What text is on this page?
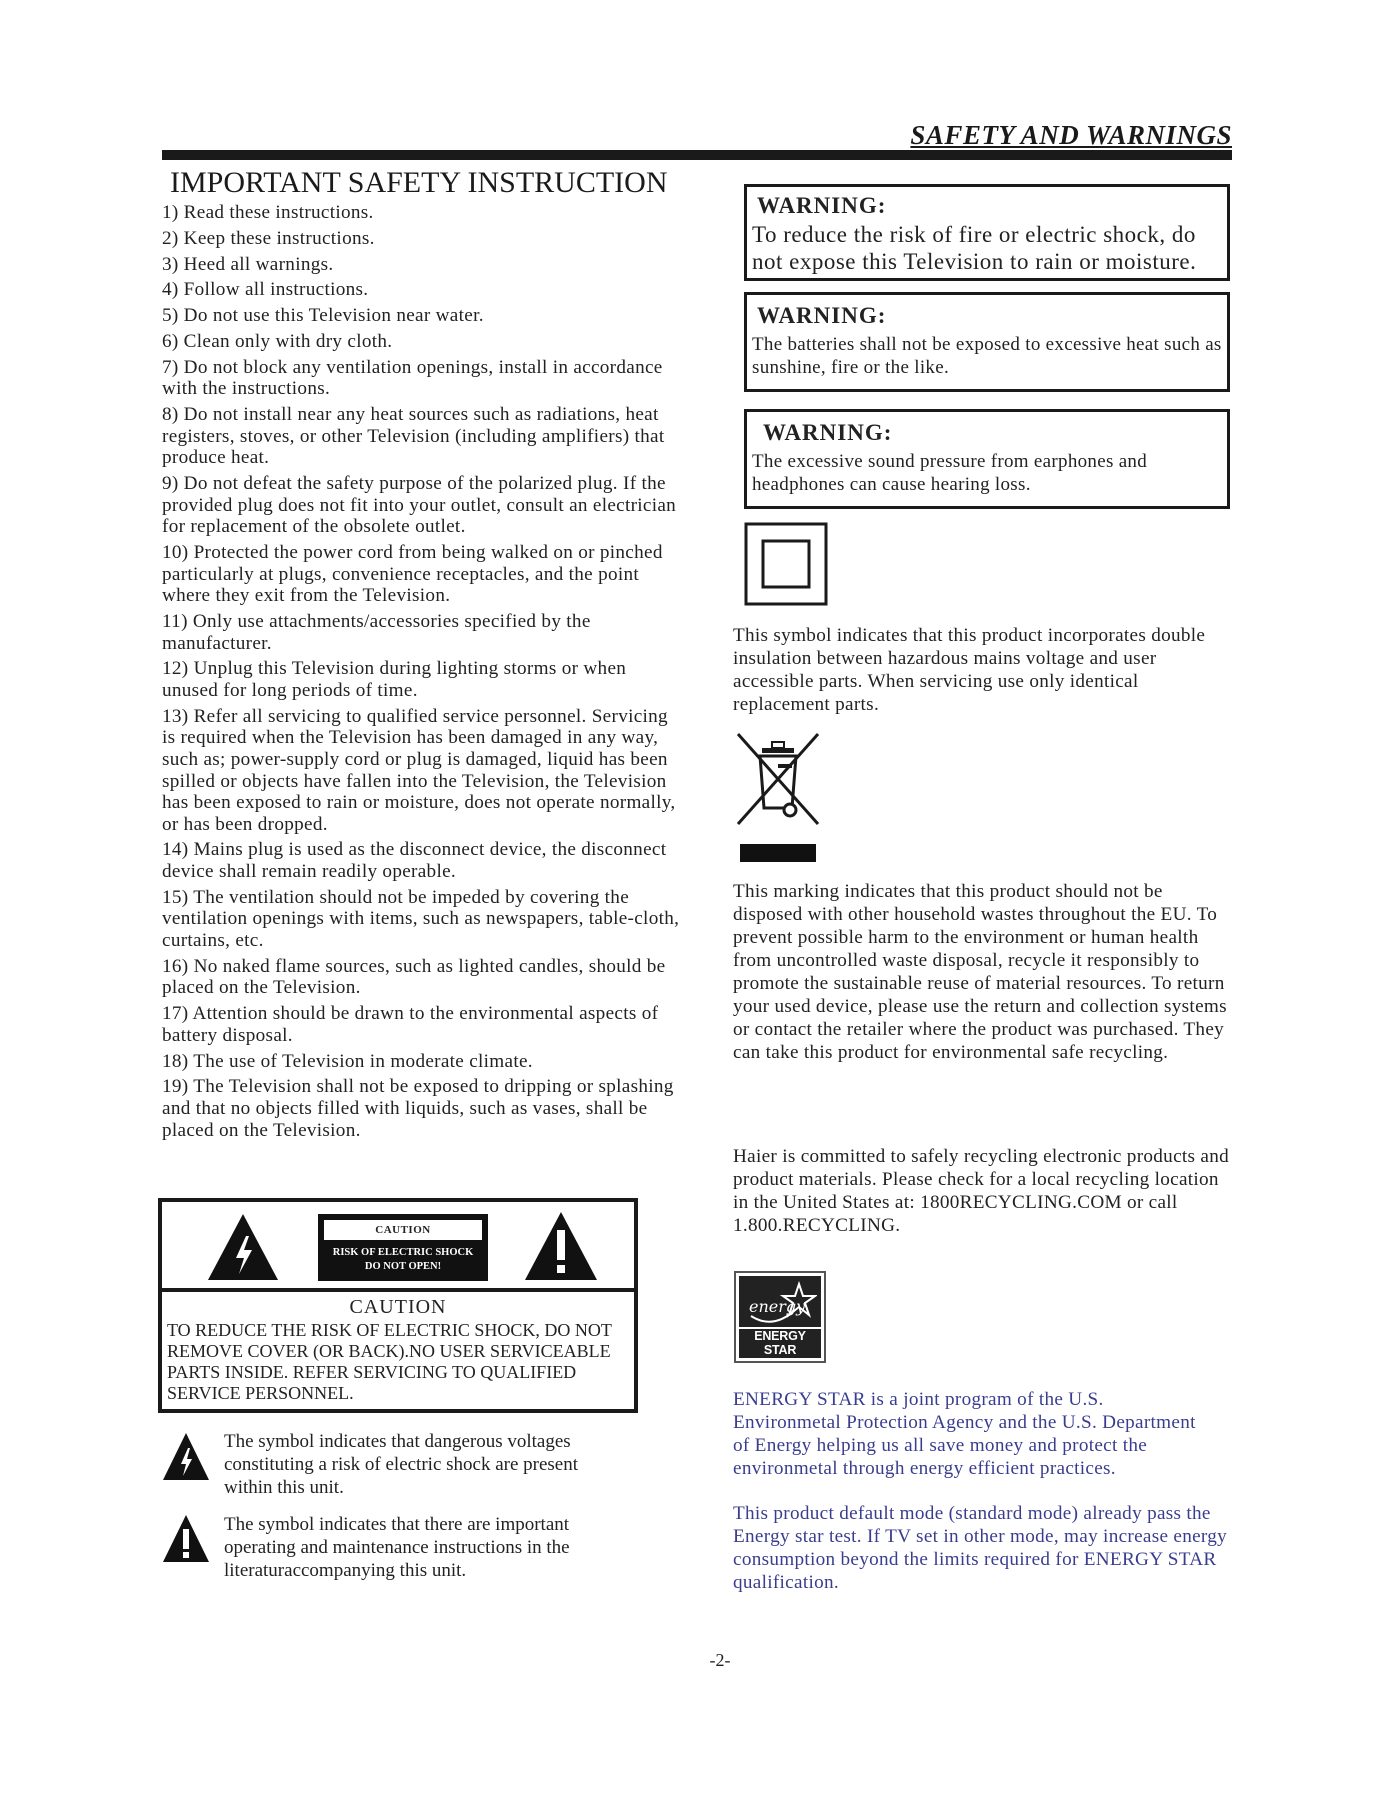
SAFETY AND WARNINGS
IMPORTANT SAFETY INSTRUCTION
1) Read these instructions.
2) Keep these instructions.
3) Heed all warnings.
4) Follow all instructions.
5) Do not use this Television near water.
6) Clean only with dry cloth.
7) Do not block any ventilation openings, install in accordance with the instructions.
8) Do not install near any heat sources such as radiations, heat registers, stoves, or other Television (including amplifiers) that produce heat.
9) Do not defeat the safety purpose of the polarized plug. If the provided plug does not fit into your outlet, consult an electrician for replacement of the obsolete outlet.
10) Protected the power cord from being walked on or pinched particularly at plugs, convenience receptacles, and the point where they exit from the Television.
11) Only use attachments/accessories specified by the manufacturer.
12) Unplug this Television during lighting storms or when unused for long periods of time.
13) Refer all servicing to qualified service personnel. Servicing is required when the Television has been damaged in any way, such as; power-supply cord or plug is damaged, liquid has been spilled or objects have fallen into the Television, the Television has been exposed to rain or moisture, does not operate normally, or has been dropped.
14) Mains plug is used as the disconnect device, the disconnect device shall remain readily operable.
15) The ventilation should not be impeded by covering the ventilation openings with items, such as newspapers, table-cloth, curtains, etc.
16) No naked flame sources, such as lighted candles, should be placed on the Television.
17) Attention should be drawn to the environmental aspects of battery disposal.
18) The use of Television in moderate climate.
19) The Television shall not be exposed to dripping or splashing and that no objects filled with liquids, such as vases, shall be placed on the Television.
CAUTION
RISK OF ELECTRIC SHOCK
DO NOT OPEN!
CAUTION
TO REDUCE THE RISK OF ELECTRIC SHOCK, DO NOT REMOVE COVER (OR BACK).NO USER SERVICEABLE PARTS INSIDE. REFER SERVICING TO QUALIFIED SERVICE PERSONNEL.
The symbol indicates that dangerous voltages constituting a risk of electric shock are present within this unit.
The symbol indicates that there are important operating and maintenance instructions in the literaturaccompanying this unit.
WARNING:
To reduce the risk of fire or electric shock, do not expose this Television to rain or moisture.
WARNING:
The batteries shall not be exposed to excessive heat such as sunshine, fire or the like.
WARNING:
The excessive sound pressure from earphones and headphones can cause hearing loss.
This symbol indicates that this product incorporates double insulation between hazardous mains voltage and user accessible parts. When servicing use only identical replacement parts.
This marking indicates that this product should not be disposed with other household wastes throughout the EU. To prevent possible harm to the environment or human health from uncontrolled waste disposal, recycle it responsibly to promote the sustainable reuse of material resources. To return your used device, please use the return and collection systems or contact the retailer where the product was purchased. They can take this product for environmental safe recycling.
Haier is committed to safely recycling electronic products and product materials. Please check for a local recycling location in the United States at: 1800RECYCLING.COM or call 1.800.RECYCLING.
energy
ENERGY STAR
ENERGY STAR is a joint program of the U.S. Environmetal Protection Agency and the U.S. Department of Energy helping us all save money and protect the environmetal through energy efficient practices.
This product default mode (standard mode) already pass the Energy star test. If TV set in other mode, may increase energy consumption beyond the limits required for ENERGY STAR qualification.
-2-
